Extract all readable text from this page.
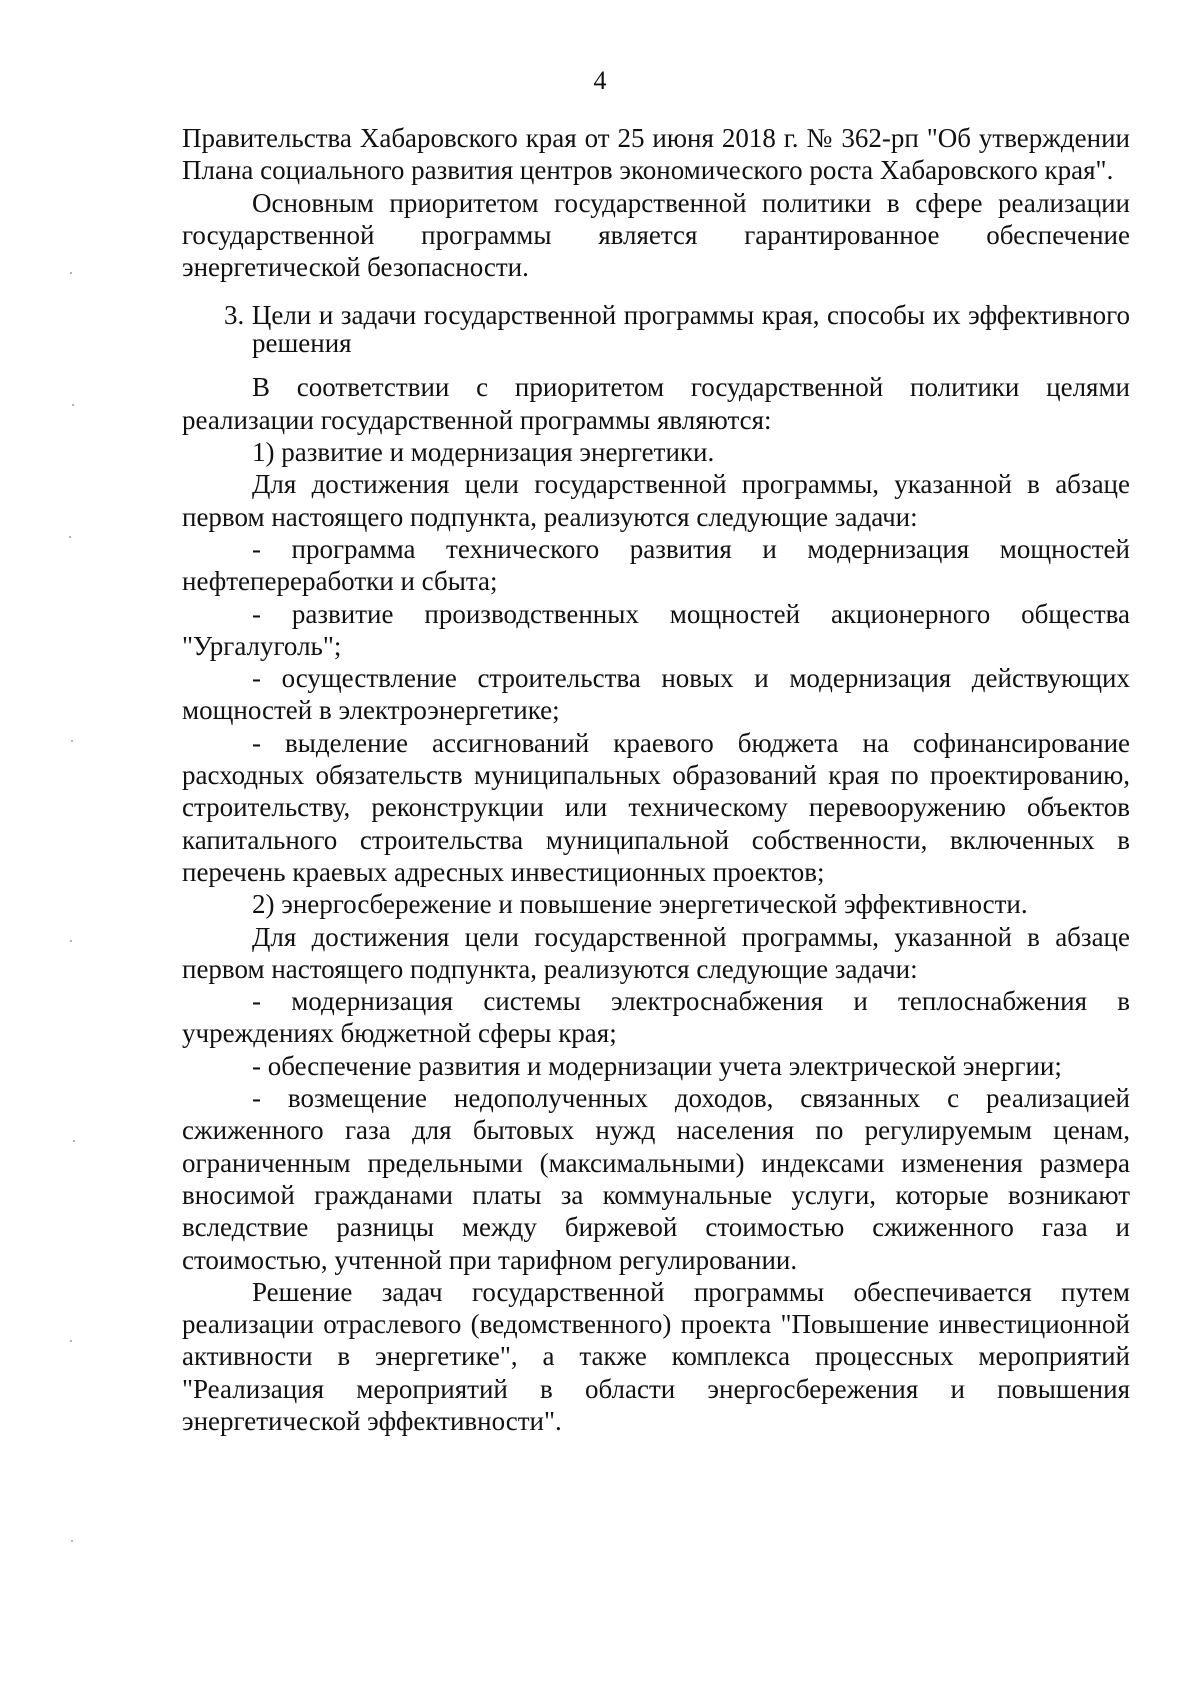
4

Правительства Хабаровского края от 25 июня 2018 г. № 362-рп "Об утверждении Плана социального развития центров экономического роста Хабаровского края".

Основным приоритетом государственной политики в сфере реализации государственной программы является гарантированное обеспечение энергетической безопасности.

3. Цели и задачи государственной программы края, способы их эффективного решения

В соответствии с приоритетом государственной политики целями реализации государственной программы являются:

1) развитие и модернизация энергетики.

Для достижения цели государственной программы, указанной в абзаце первом настоящего подпункта, реализуются следующие задачи:

- программа технического развития и модернизация мощностей нефтепереработки и сбыта;

- развитие производственных мощностей акционерного общества "Ургалуголь";

- осуществление строительства новых и модернизация действующих мощностей в электроэнергетике;

- выделение ассигнований краевого бюджета на софинансирование расходных обязательств муниципальных образований края по проектированию, строительству, реконструкции или техническому перевооружению объектов капитального строительства муниципальной собственности, включенных в перечень краевых адресных инвестиционных проектов;

2) энергосбережение и повышение энергетической эффективности.

Для достижения цели государственной программы, указанной в абзаце первом настоящего подпункта, реализуются следующие задачи:

- модернизация системы электроснабжения и теплоснабжения в учреждениях бюджетной сферы края;

- обеспечение развития и модернизации учета электрической энергии;

- возмещение недополученных доходов, связанных с реализацией сжиженного газа для бытовых нужд населения по регулируемым ценам, ограниченным предельными (максимальными) индексами изменения размера вносимой гражданами платы за коммунальные услуги, которые возникают вследствие разницы между биржевой стоимостью сжиженного газа и стоимостью, учтенной при тарифном регулировании.

Решение задач государственной программы обеспечивается путем реализации отраслевого (ведомственного) проекта "Повышение инвестиционной активности в энергетике", а также комплекса процессных мероприятий "Реализация мероприятий в области энергосбережения и повышения энергетической эффективности".
